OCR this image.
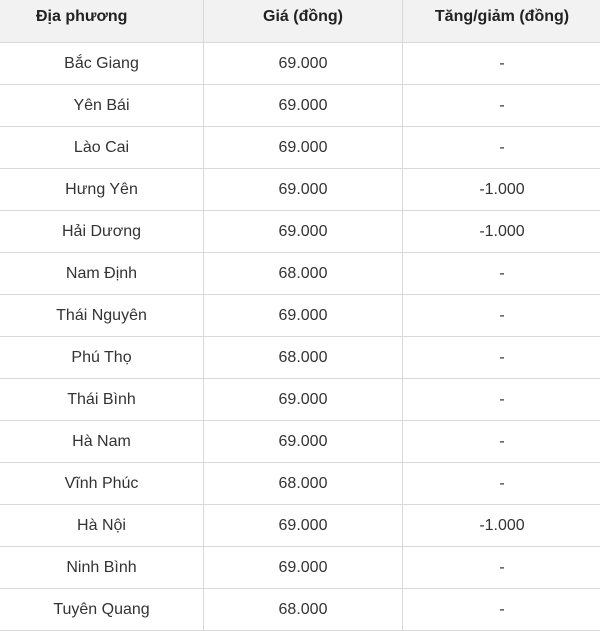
Địa phương	Giá (đồng)	Tăng/giảm (đồng)
Bắc Giang	69.000	-
Yên Bái	69.000	-
Lào Cai	69.000	-
Hưng Yên	69.000	-1.000
Hải Dương	69.000	-1.000
Nam Định	68.000	-
Thái Nguyên	69.000	-
Phú Thọ	68.000	-
Thái Bình	69.000	-
Hà Nam	69.000	-
Vĩnh Phúc	68.000	-
Hà Nội	69.000	-1.000
Ninh Bình	69.000	-
Tuyên Quang	68.000	-
